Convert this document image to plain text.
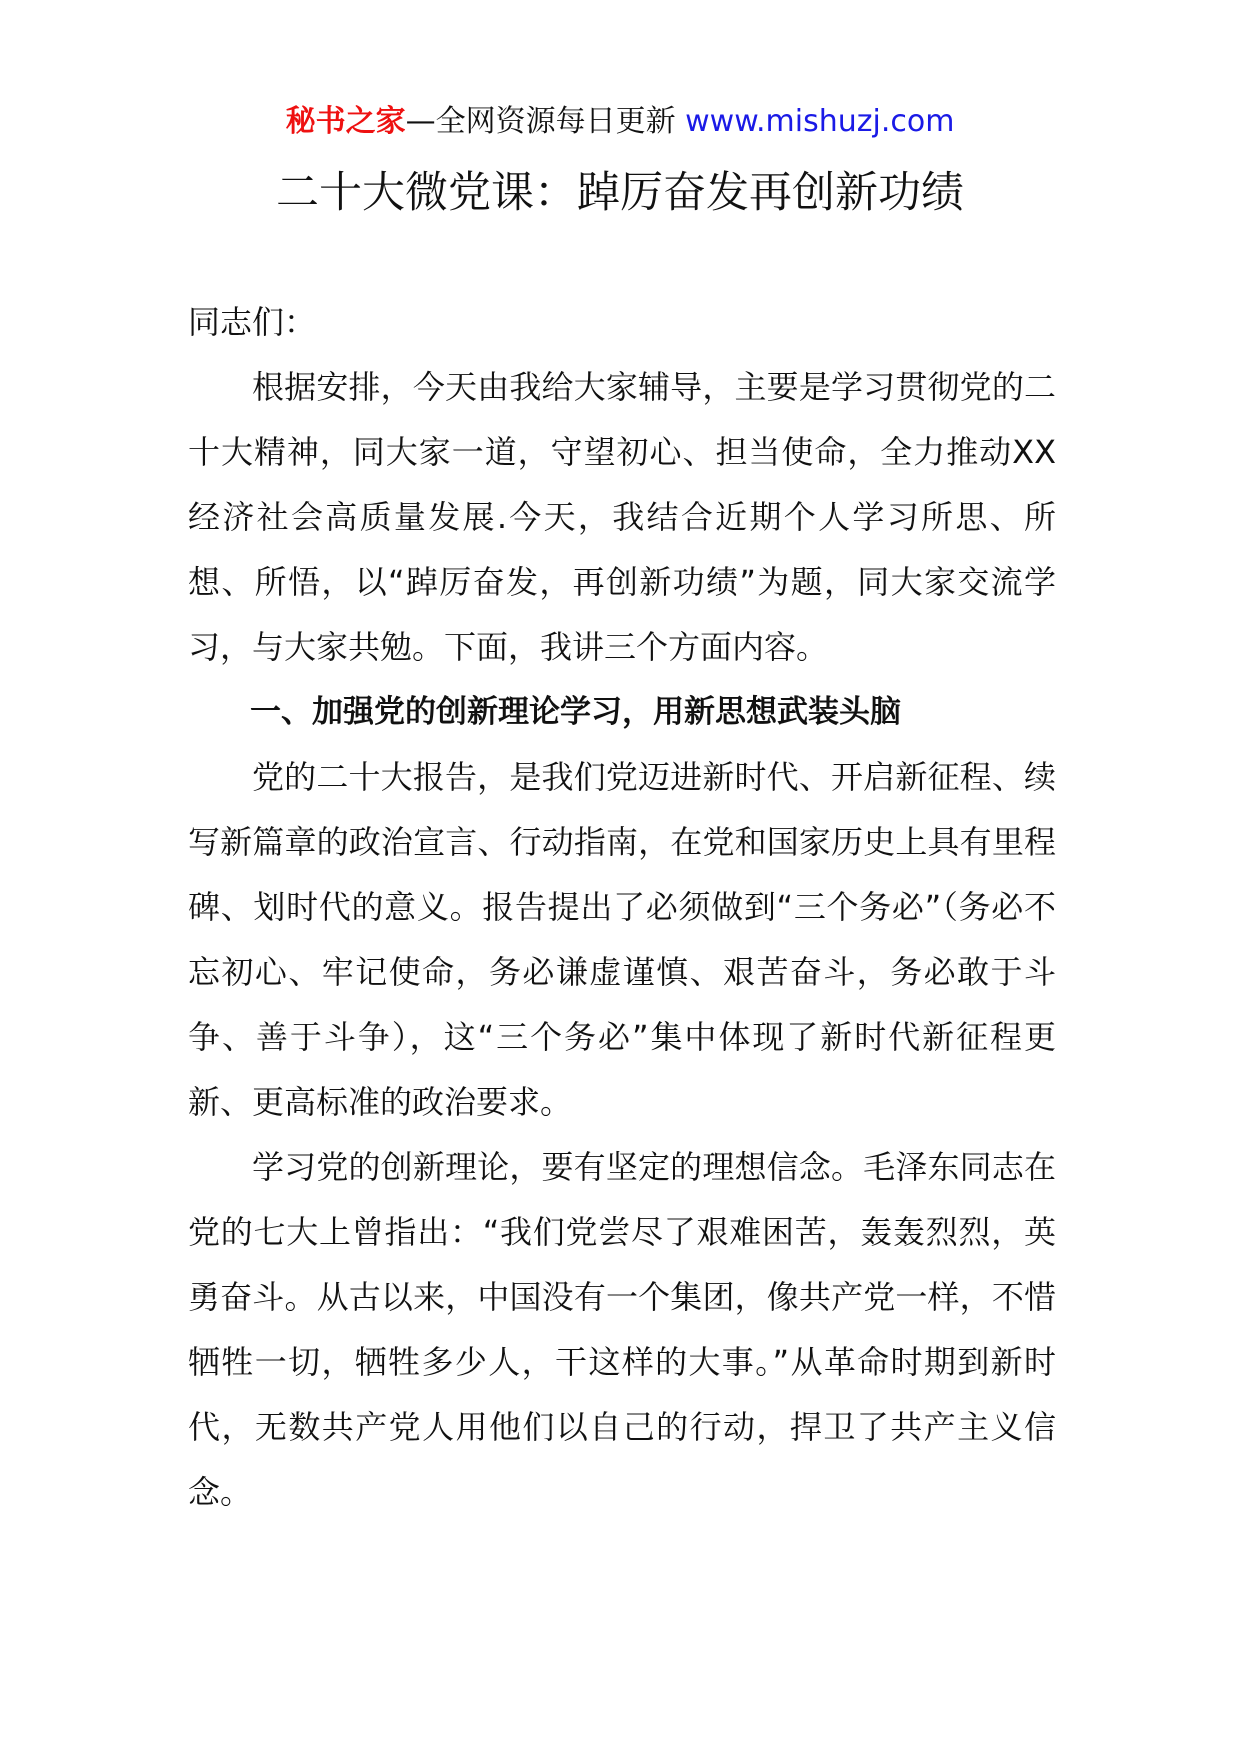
秘书之家—全网资源每日更新 www.mishuzj.com
二十大微党课：踔厉奋发再创新功绩

同志们：

根据安排，今天由我给大家辅导，主要是学习贯彻党的二十大精神，同大家一道，守望初心、担当使命，全力推动XX经济社会高质量发展.今天，我结合近期个人学习所思、所想、所悟，以“踔厉奋发，再创新功绩”为题，同大家交流学习，与大家共勉。下面，我讲三个方面内容。

一、加强党的创新理论学习，用新思想武装头脑

党的二十大报告，是我们党迈进新时代、开启新征程、续写新篇章的政治宣言、行动指南，在党和国家历史上具有里程碑、划时代的意义。报告提出了必须做到“三个务必”（务必不忘初心、牢记使命，务必谦虚谨慎、艰苦奋斗，务必敢于斗争、善于斗争），这“三个务必”集中体现了新时代新征程更新、更高标准的政治要求。

学习党的创新理论，要有坚定的理想信念。毛泽东同志在党的七大上曾指出：“我们党尝尽了艰难困苦，轰轰烈烈，英勇奋斗。从古以来，中国没有一个集团，像共产党一样，不惜牺牲一切，牺牲多少人，干这样的大事。”从革命时期到新时代，无数共产党人用他们以自己的行动，捍卫了共产主义信念。
